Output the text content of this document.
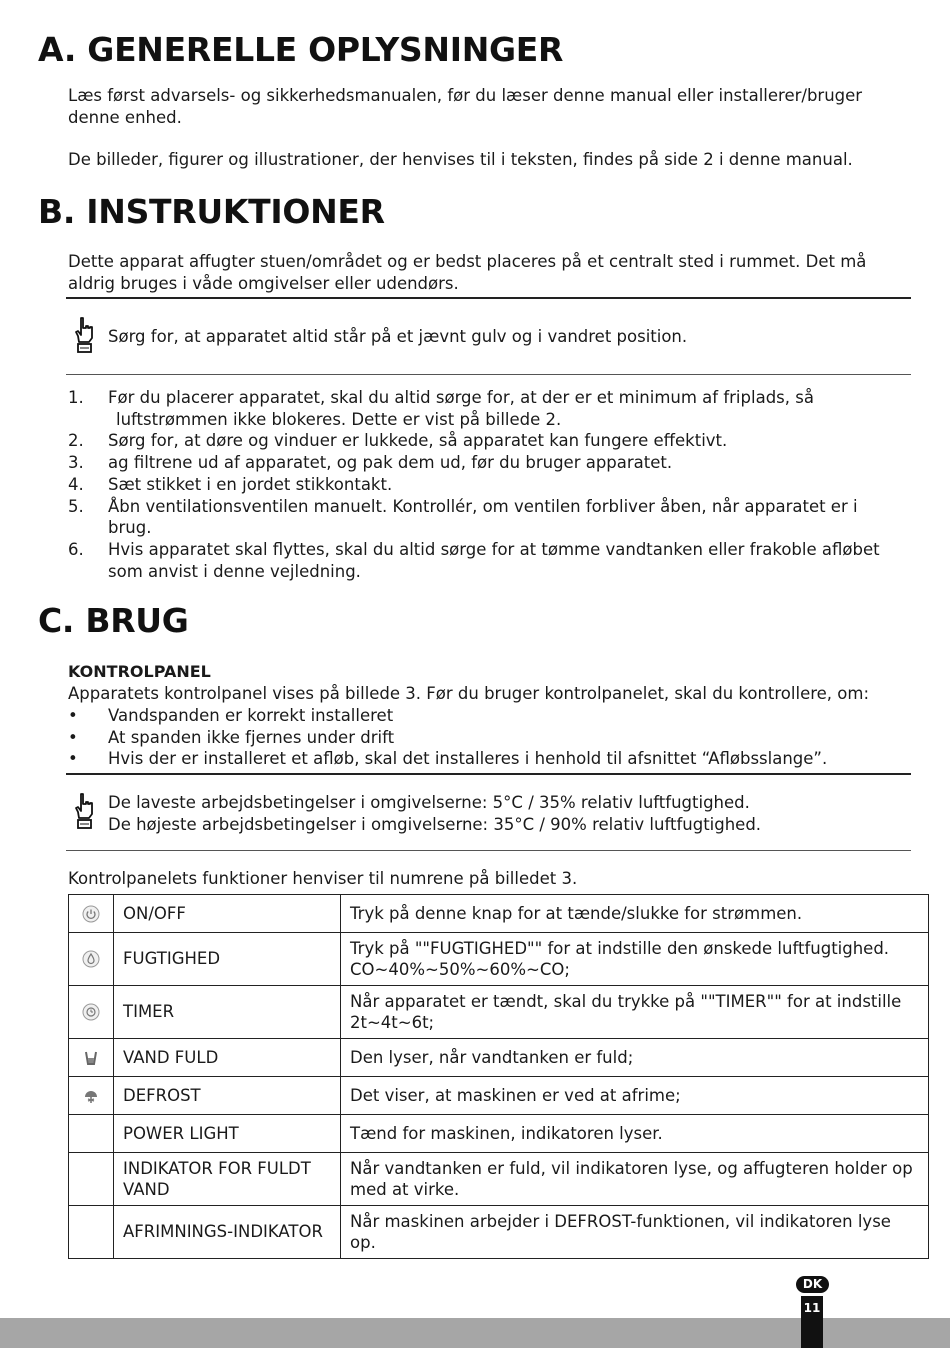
A. GENERELLE OPLYSNINGER

Læs først advarsels- og sikkerhedsmanualen, før du læser denne manual eller installerer/bruger denne enhed.

De billeder, figurer og illustrationer, der henvises til i teksten, findes på side 2 i denne manual.

B. INSTRUKTIONER

Dette apparat affugter stuen/området og er bedst placeres på et centralt sted i rummet. Det må aldrig bruges i våde omgivelser eller udendørs.

Sørg for, at apparatet altid står på et jævnt gulv og i vandret position.

1. Før du placerer apparatet, skal du altid sørge for, at der er et minimum af friplads, så
luftstrømmen ikke blokeres. Dette er vist på billede 2.
2. Sørg for, at døre og vinduer er lukkede, så apparatet kan fungere effektivt.
3. ag filtrene ud af apparatet, og pak dem ud, før du bruger apparatet.
4. Sæt stikket i en jordet stikkontakt.
5. Åbn ventilationsventilen manuelt. Kontrollér, om ventilen forbliver åben, når apparatet er i
brug.
6. Hvis apparatet skal flyttes, skal du altid sørge for at tømme vandtanken eller frakoble afløbet
som anvist i denne vejledning.
C. BRUG

KONTROLPANEL

Apparatets kontrolpanel vises på billede 3. Før du bruger kontrolpanelet, skal du kontrollere, om:

• Vandspanden er korrekt installeret
• At spanden ikke fjernes under drift
• Hvis der er installeret et afløb, skal det installeres i henhold til afsnittet “Afløbsslange”.

De laveste arbejdsbetingelser i omgivelserne: 5°C / 35% relativ luftfugtighed.

De højeste arbejdsbetingelser i omgivelserne: 35°C / 90% relativ luftfugtighed.

Kontrolpanelets funktioner henviser til numrene på billedet 3.

	ON/OFF	Tryk på denne knap for at tænde/slukke for strømmen.

	FUGTIGHED	Tryk på ""FUGTIGHED"" for at indstille den ønskede luftfugtighed. CO~40%~50%~60%~CO;

	TIMER	Når apparatet er tændt, skal du trykke på ""TIMER"" for at indstille 2t~4t~6t;

	VAND FULD	Den lyser, når vandtanken er fuld;

	DEFROST	Det viser, at maskinen er ved at afrime;
	POWER LIGHT	Tænd for maskinen, indikatoren lyser.
	INDIKATOR FOR FULDT VAND	Når vandtanken er fuld, vil indikatoren lyse, og affugteren holder op med at virke.
	AFRIMNINGS-INDIKATOR	Når maskinen arbejder i DEFROST-funktionen, vil indikatoren lyse op.
DK
11
